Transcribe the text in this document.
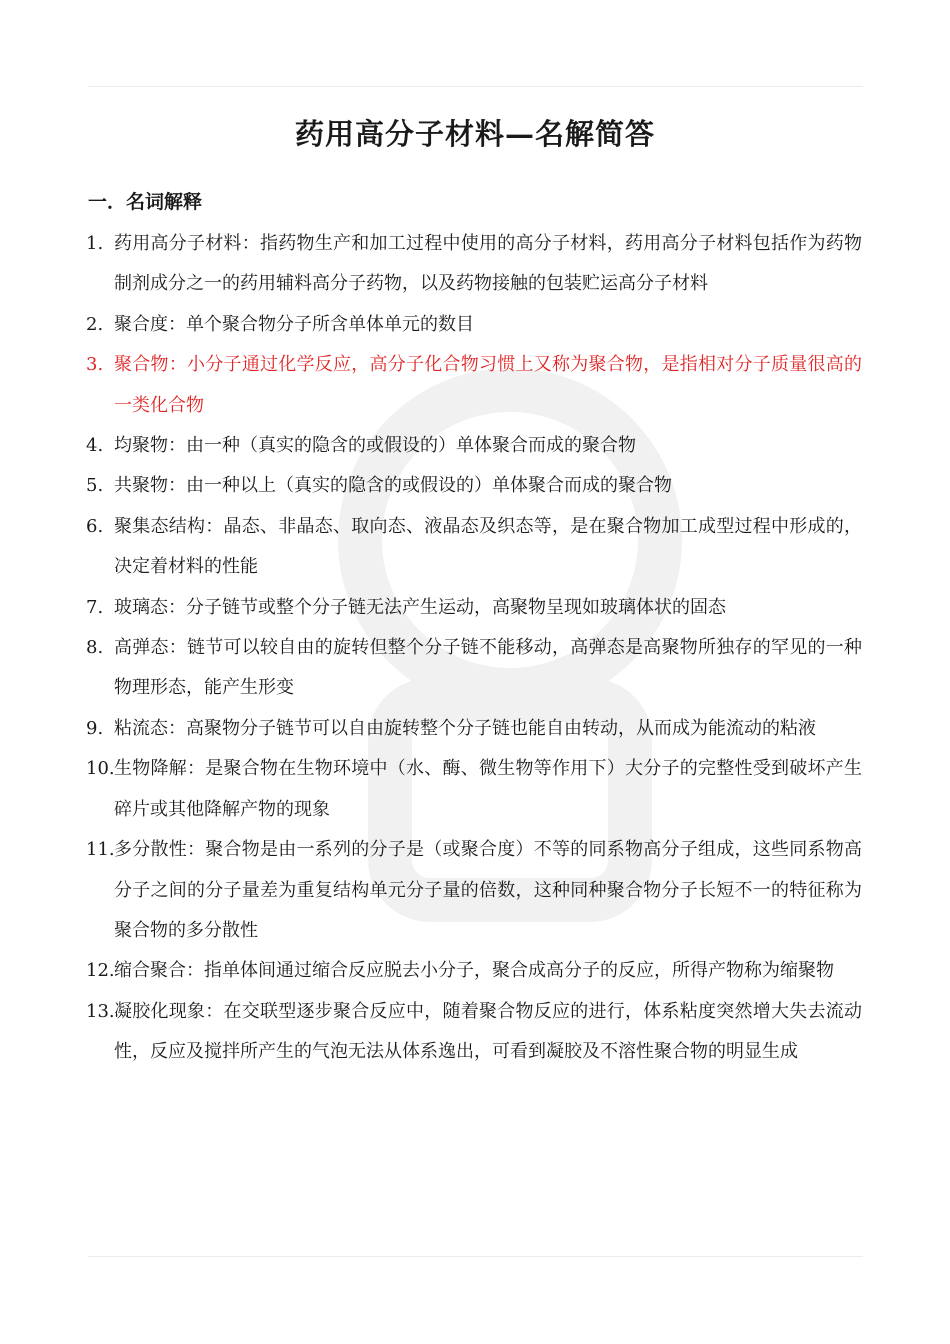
药用高分子材料—名解简答
一．名词解释
1. 药用高分子材料：指药物生产和加工过程中使用的高分子材料，药用高分子材料包括作为药物制剂成分之一的药用辅料高分子药物，以及药物接触的包装贮运高分子材料
2. 聚合度：单个聚合物分子所含单体单元的数目
3. 聚合物：小分子通过化学反应，高分子化合物习惯上又称为聚合物，是指相对分子质量很高的一类化合物
4. 均聚物：由一种（真实的隐含的或假设的）单体聚合而成的聚合物
5. 共聚物：由一种以上（真实的隐含的或假设的）单体聚合而成的聚合物
6. 聚集态结构：晶态、非晶态、取向态、液晶态及织态等，是在聚合物加工成型过程中形成的，决定着材料的性能
7. 玻璃态：分子链节或整个分子链无法产生运动，高聚物呈现如玻璃体状的固态
8. 高弹态：链节可以较自由的旋转但整个分子链不能移动，高弹态是高聚物所独存的罕见的一种物理形态，能产生形变
9. 粘流态：高聚物分子链节可以自由旋转整个分子链也能自由转动，从而成为能流动的粘液
10. 生物降解：是聚合物在生物环境中（水、酶、微生物等作用下）大分子的完整性受到破坏产生碎片或其他降解产物的现象
11. 多分散性：聚合物是由一系列的分子是（或聚合度）不等的同系物高分子组成，这些同系物高分子之间的分子量差为重复结构单元分子量的倍数，这种同种聚合物分子长短不一的特征称为聚合物的多分散性
12. 缩合聚合：指单体间通过缩合反应脱去小分子，聚合成高分子的反应，所得产物称为缩聚物
13. 凝胶化现象：在交联型逐步聚合反应中，随着聚合物反应的进行，体系粘度突然增大失去流动性，反应及搅拌所产生的气泡无法从体系逸出，可看到凝胶及不溶性聚合物的明显生成
